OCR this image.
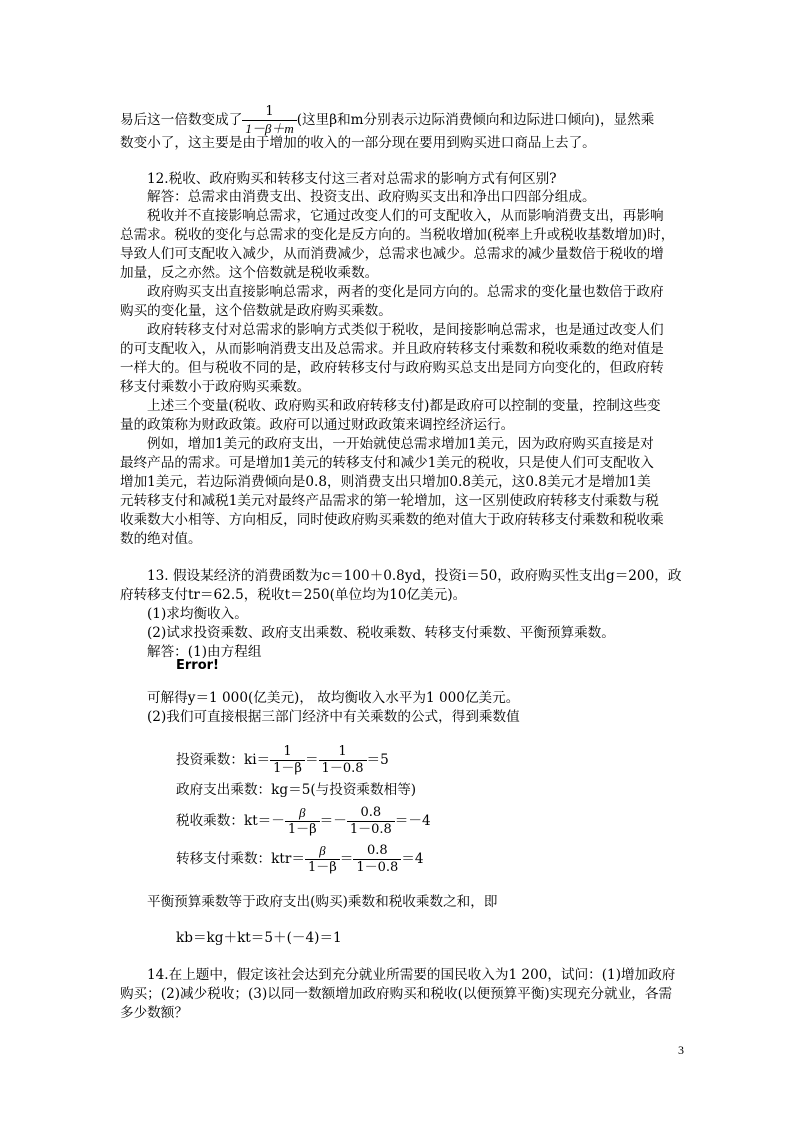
易后这一倍数变成了 $\frac{1}{1-\beta+m}$ (这里β和m分别表示边际消费倾向和边际进口倾向)，显然乘
数变小了，这主要是由于增加的收入的一部分现在要用到购买进口商品上去了。
12.税收、政府购买和转移支付这三者对总需求的影响方式有何区别?
解答：总需求由消费支出、投资支出、政府购买支出和净出口四部分组成。
税收并不直接影响总需求，它通过改变人们的可支配收入，从而影响消费支出，再影响
总需求。税收的变化与总需求的变化是反方向的。当税收增加(税率上升或税收基数增加)时，
导致人们可支配收入减少，从而消费减少，总需求也减少。总需求的减少量数倍于税收的增
加量，反之亦然。这个倍数就是税收乘数。
政府购买支出直接影响总需求，两者的变化是同方向的。总需求的变化量也数倍于政府
购买的变化量，这个倍数就是政府购买乘数。
政府转移支付对总需求的影响方式类似于税收，是间接影响总需求，也是通过改变人们
的可支配收入，从而影响消费支出及总需求。并且政府转移支付乘数和税收乘数的绝对值是
一样大的。但与税收不同的是，政府转移支付与政府购买总支出是同方向变化的，但政府转
移支付乘数小于政府购买乘数。
上述三个变量(税收、政府购买和政府转移支付)都是政府可以控制的变量，控制这些变
量的政策称为财政政策。政府可以通过财政政策来调控经济运行。
例如，增加1美元的政府支出，一开始就使总需求增加1美元，因为政府购买直接是对
最终产品的需求。可是增加1美元的转移支付和减少1美元的税收，只是使人们可支配收入
增加1美元，若边际消费倾向是0.8，则消费支出只增加0.8美元，这0.8美元才是增加1美
元转移支付和减税1美元对最终产品需求的第一轮增加，这一区别使政府转移支付乘数与税
收乘数大小相等、方向相反，同时使政府购买乘数的绝对值大于政府转移支付乘数和税收乘
数的绝对值。
13. 假设某经济的消费函数为c＝100＋0.8yd，投资i＝50，政府购买性支出g＝200，政
府转移支付tr＝62.5，税收t＝250(单位均为10亿美元)。
(1)求均衡收入。
(2)试求投资乘数、政府支出乘数、税收乘数、转移支付乘数、平衡预算乘数。
解答：(1)由方程组
Error!
可解得y＝1 000(亿美元)， 故均衡收入水平为1 000亿美元。
(2)我们可直接根据三部门经济中有关乘数的公式，得到乘数值
投资乘数：$ki= \frac{1}{1-\beta} = \frac{1}{1-0.8} =5$
政府支出乘数：kg＝5(与投资乘数相等)
税收乘数：$kt=- \frac{\beta}{1-\beta} =- \frac{0.8}{1-0.8} =-4$
转移支付乘数：$ktr= \frac{\beta}{1-\beta} = \frac{0.8}{1-0.8} =4$
平衡预算乘数等于政府支出(购买)乘数和税收乘数之和，即
kb＝kg＋kt＝5＋(－4)＝1
14.在上题中，假定该社会达到充分就业所需要的国民收入为1 200，试问：(1)增加政府
购买；(2)减少税收；(3)以同一数额增加政府购买和税收(以便预算平衡)实现充分就业，各需
多少数额？
3
